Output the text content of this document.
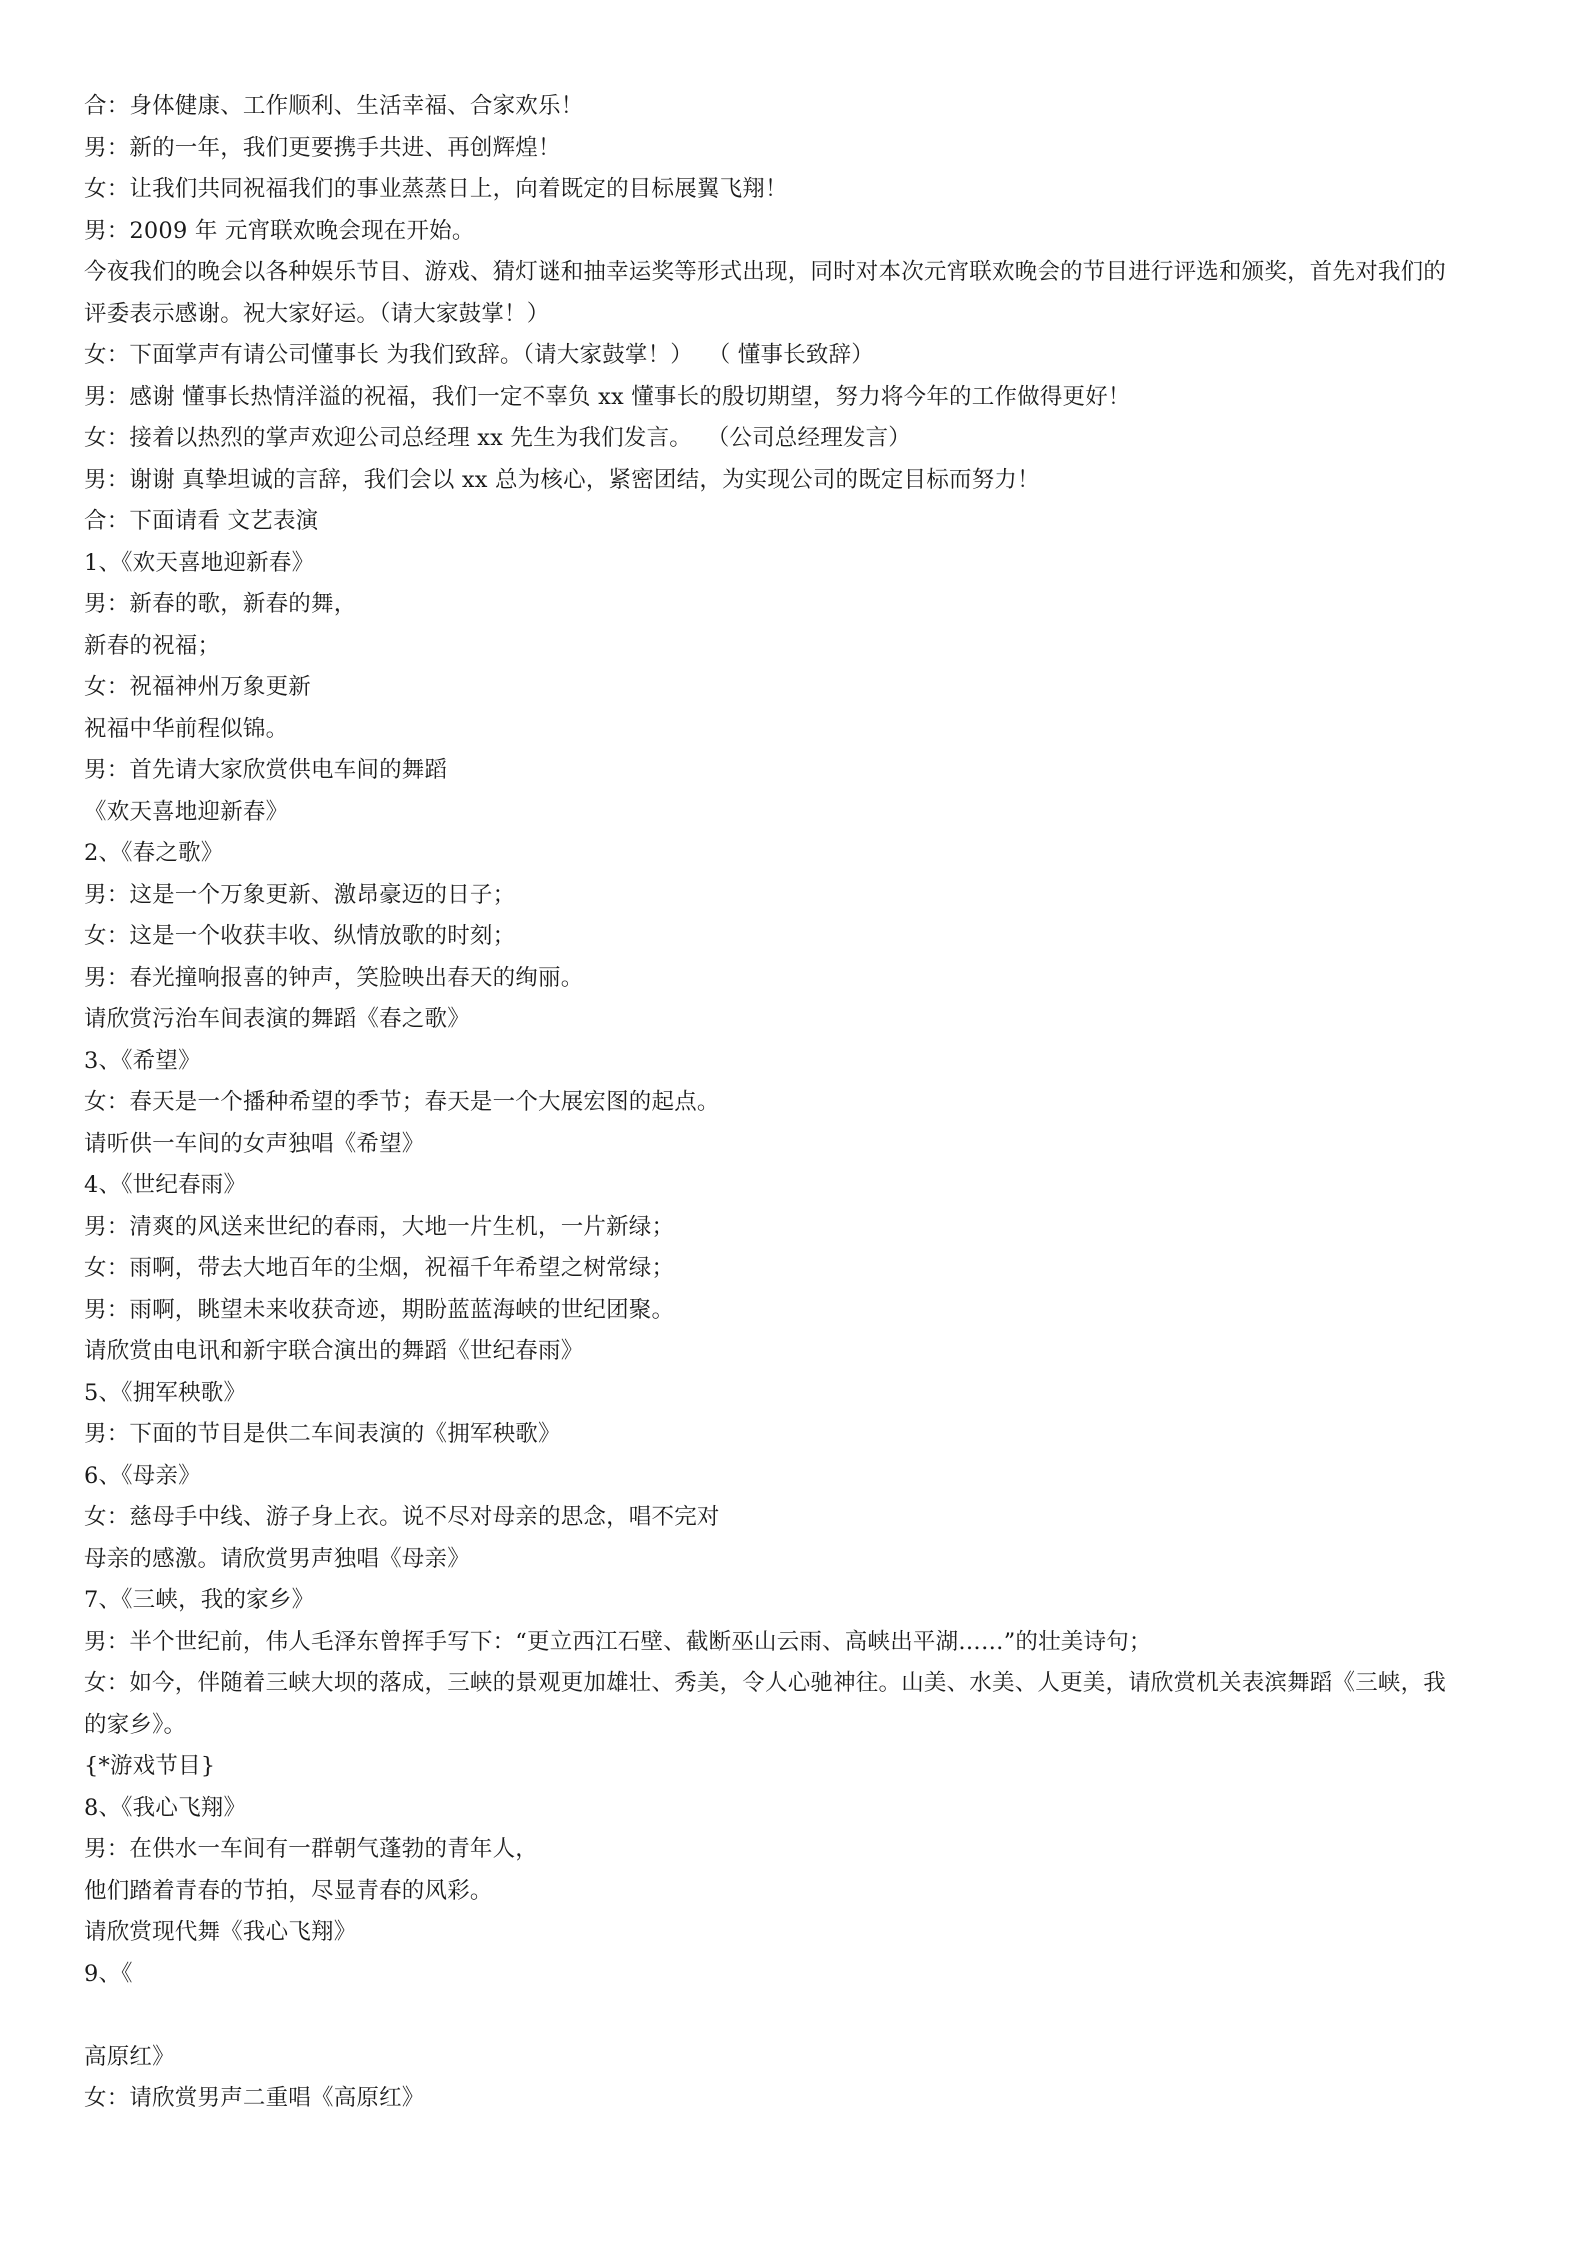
合：身体健康、工作顺利、生活幸福、合家欢乐！

男：新的一年，我们更要携手共进、再创辉煌！

女：让我们共同祝福我们的事业蒸蒸日上，向着既定的目标展翼飞翔！

男：2009 年 元宵联欢晚会现在开始。

今夜我们的晚会以各种娱乐节目、游戏、猜灯谜和抽幸运奖等形式出现，同时对本次元宵联欢晚会的节目进行评选和颁奖，首先对我们的

评委表示感谢。祝大家好运。（请大家鼓掌！）

女：下面掌声有请公司懂事长 为我们致辞。（请大家鼓掌！）  （ 懂事长致辞）

男：感谢 懂事长热情洋溢的祝福，我们一定不辜负 xx 懂事长的殷切期望，努力将今年的工作做得更好！

女：接着以热烈的掌声欢迎公司总经理 xx 先生为我们发言。  （公司总经理发言）

男：谢谢 真挚坦诚的言辞，我们会以 xx 总为核心，紧密团结，为实现公司的既定目标而努力！

合：下面请看 文艺表演

1、《欢天喜地迎新春》

男：新春的歌，新春的舞，

新春的祝福；

女：祝福神州万象更新

祝福中华前程似锦。

男：首先请大家欣赏供电车间的舞蹈

《欢天喜地迎新春》

2、《春之歌》

男：这是一个万象更新、激昂豪迈的日子；

女：这是一个收获丰收、纵情放歌的时刻；

男：春光撞响报喜的钟声，笑脸映出春天的绚丽。

请欣赏污治车间表演的舞蹈《春之歌》

3、《希望》

女：春天是一个播种希望的季节；春天是一个大展宏图的起点。

请听供一车间的女声独唱《希望》

4、《世纪春雨》

男：清爽的风送来世纪的春雨，大地一片生机，一片新绿；

女：雨啊，带去大地百年的尘烟，祝福千年希望之树常绿；

男：雨啊，眺望未来收获奇迹，期盼蓝蓝海峡的世纪团聚。

请欣赏由电讯和新宇联合演出的舞蹈《世纪春雨》

5、《拥军秧歌》

男：下面的节目是供二车间表演的《拥军秧歌》

6、《母亲》

女：慈母手中线、游子身上衣。说不尽对母亲的思念，唱不完对

母亲的感激。请欣赏男声独唱《母亲》

7、《三峡，我的家乡》

男：半个世纪前，伟人毛泽东曾挥手写下：“更立西江石壁、截断巫山云雨、高峡出平湖……”的壮美诗句；

女：如今，伴随着三峡大坝的落成，三峡的景观更加雄壮、秀美，令人心驰神往。山美、水美、人更美，请欣赏机关表滨舞蹈《三峡，我

的家乡》。

{*游戏节目}

8、《我心飞翔》

男：在供水一车间有一群朝气蓬勃的青年人，

他们踏着青春的节拍，尽显青春的风彩。

请欣赏现代舞《我心飞翔》

9、《

高原红》

女：请欣赏男声二重唱《高原红》
